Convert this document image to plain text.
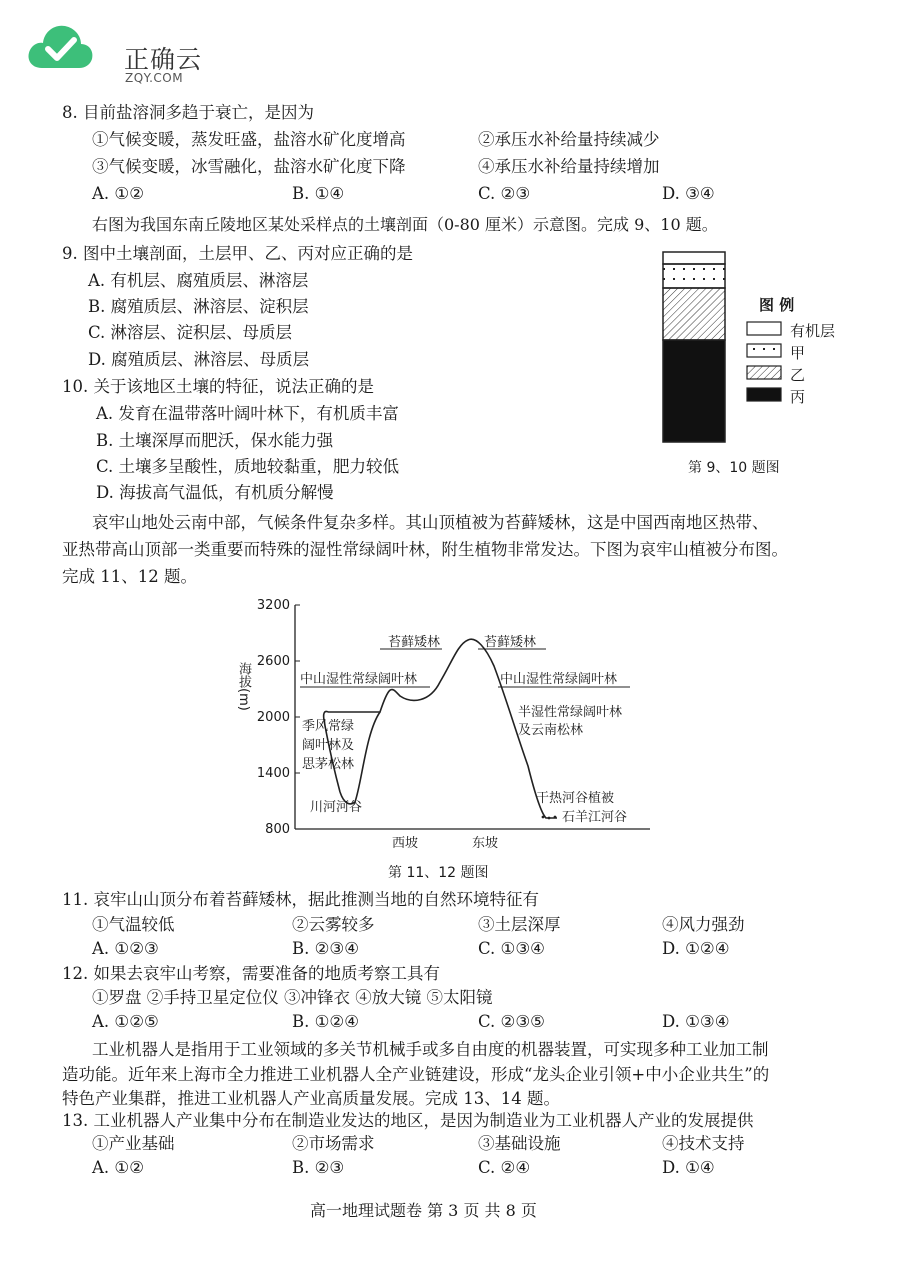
正确云
ZQY.COM
8. 目前盐溶洞多趋于衰亡，是因为
①气候变暖，蒸发旺盛，盐溶水矿化度增高	②承压水补给量持续减少
③气候变暖，冰雪融化，盐溶水矿化度下降	④承压水补给量持续增加
A. ①②	B. ①④	C. ②③	D. ③④
右图为我国东南丘陵地区某处采样点的土壤剖面（0-80 厘米）示意图。完成 9、10 题。
9. 图中土壤剖面，土层甲、乙、丙对应正确的是
A. 有机层、腐殖质层、淋溶层
B. 腐殖质层、淋溶层、淀积层
C. 淋溶层、淀积层、母质层
D. 腐殖质层、淋溶层、母质层
10. 关于该地区土壤的特征，说法正确的是
A. 发育在温带落叶阔叶林下，有机质丰富
B. 土壤深厚而肥沃，保水能力强
C. 土壤多呈酸性，质地较黏重，肥力较低
D. 海拔高气温低，有机质分解慢
图 例
有机层
甲
乙
丙
第 9、10 题图
哀牢山地处云南中部，气候条件复杂多样。其山顶植被为苔藓矮林，这是中国西南地区热带、
亚热带高山顶部一类重要而特殊的湿性常绿阔叶林，附生植物非常发达。下图为哀牢山植被分布图。
完成 11、12 题。
3200
2600
2000
1400
800
苔藓矮林	苔藓矮林
中山湿性常绿阔叶林	中山湿性常绿阔叶林
季风常绿
阔叶林及
思茅松林
半湿性常绿阔叶林
及云南松林
川河河谷
干热河谷植被
石羊江河谷
西坡	东坡
海拔(m)
第 11、12 题图
11. 哀牢山山顶分布着苔藓矮林，据此推测当地的自然环境特征有
①气温较低	②云雾较多	③土层深厚	④风力强劲
A. ①②③	B. ②③④	C. ①③④	D. ①②④
12. 如果去哀牢山考察，需要准备的地质考察工具有
①罗盘 ②手持卫星定位仪 ③冲锋衣 ④放大镜 ⑤太阳镜
A. ①②⑤	B. ①②④	C. ②③⑤	D. ①③④
工业机器人是指用于工业领域的多关节机械手或多自由度的机器装置，可实现多种工业加工制
造功能。近年来上海市全力推进工业机器人全产业链建设，形成“龙头企业引领+中小企业共生”的
特色产业集群，推进工业机器人产业高质量发展。完成 13、14 题。
13. 工业机器人产业集中分布在制造业发达的地区，是因为制造业为工业机器人产业的发展提供
①产业基础	②市场需求	③基础设施	④技术支持
A. ①②	B. ②③	C. ②④	D. ①④
高一地理试题卷 第 3 页 共 8 页
